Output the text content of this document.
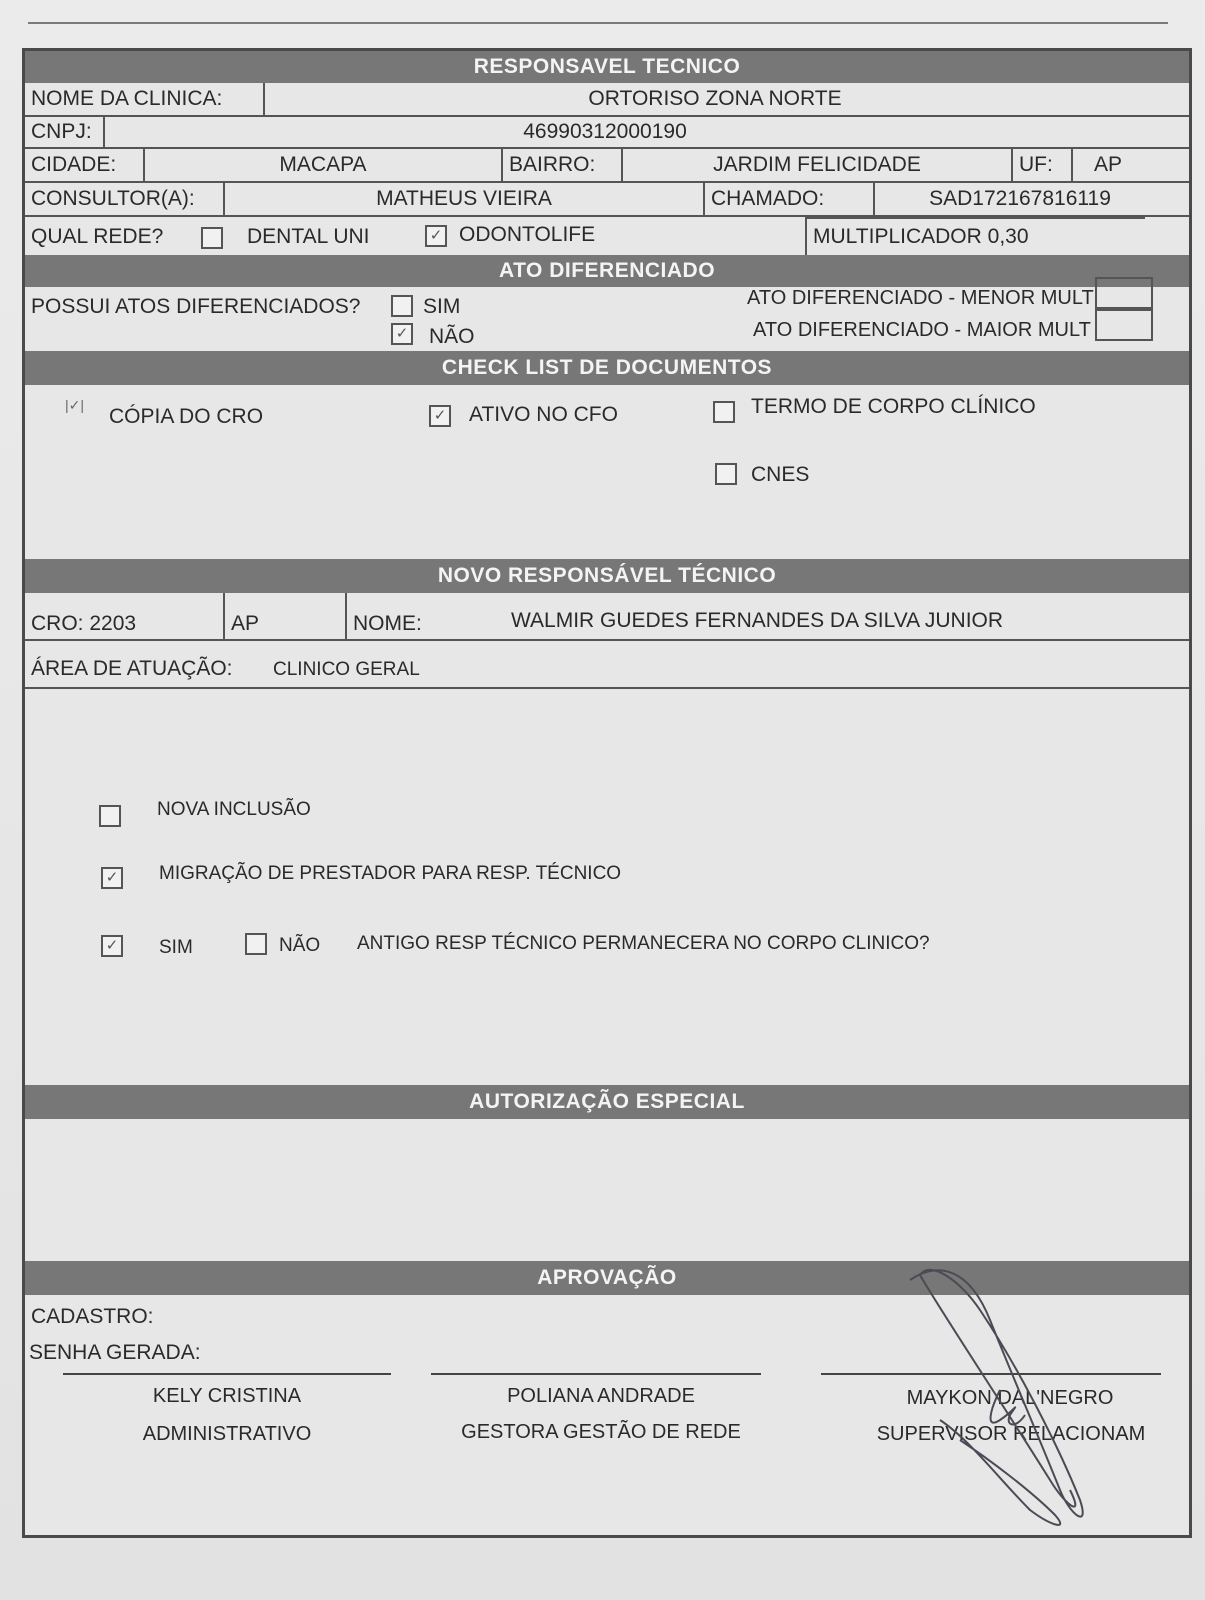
RESPONSAVEL TECNICO
NOME DA CLINICA:	ORTORISO ZONA NORTE
CNPJ:	46990312000190
CIDADE:	MACAPA	BAIRRO:	JARDIM FELICIDADE	UF:	AP
CONSULTOR(A):	MATHEUS VIEIRA	CHAMADO:	SAD172167816119
QUAL REDE?	DENTAL UNI	✓ ODONTOLIFE	MULTIPLICADOR 0,30
ATO DIFERENCIADO
POSSUI ATOS DIFERENCIADOS?	SIM
✓ NÃO
ATO DIFERENCIADO - MENOR MULT
ATO DIFERENCIADO - MAIOR MULT
CHECK LIST DE DOCUMENTOS
|✓| CÓPIA DO CRO	✓ ATIVO NO CFO	TERMO DE CORPO CLÍNICO
CNES
NOVO RESPONSÁVEL TÉCNICO
CRO: 2203	AP	NOME:	WALMIR GUEDES FERNANDES DA SILVA JUNIOR
ÁREA DE ATUAÇÃO: CLINICO GERAL
NOVA INCLUSÃO
✓ MIGRAÇÃO DE PRESTADOR PARA RESP. TÉCNICO
✓ SIM	NÃO ANTIGO RESP TÉCNICO PERMANECERA NO CORPO CLINICO?
AUTORIZAÇÃO ESPECIAL
APROVAÇÃO
CADASTRO:
SENHA GERADA:
KELY CRISTINA
ADMINISTRATIVO
POLIANA ANDRADE
GESTORA GESTÃO DE REDE
MAYKON DAL'NEGRO
SUPERVISOR RELACIONAM
